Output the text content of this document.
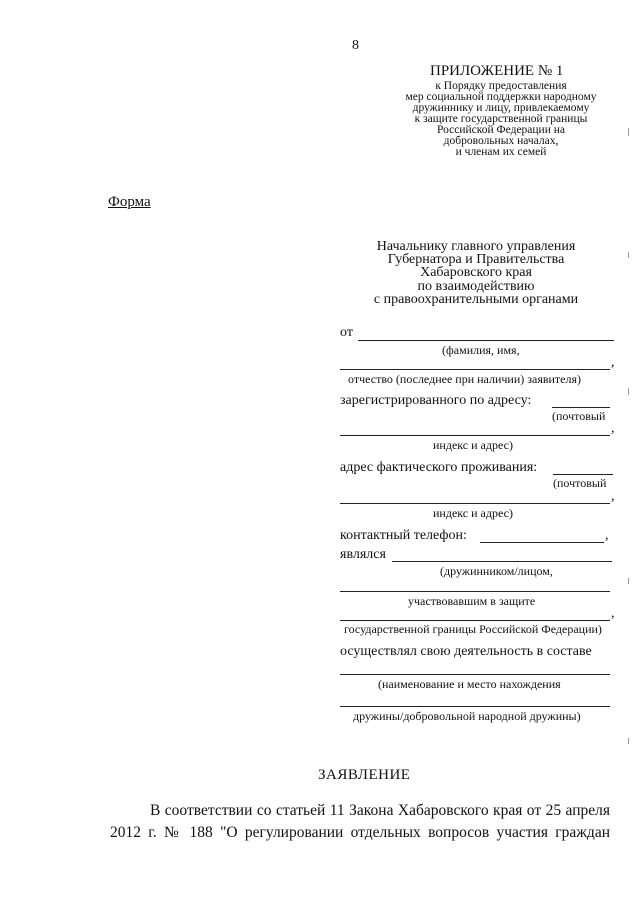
8
ПРИЛОЖЕНИЕ № 1
к Порядку предоставления
мер социальной поддержки народному
дружиннику и лицу, привлекаемому
к защите государственной границы
Российской Федерации на
добровольных началах,
и членам их семей
Форма
Начальнику главного управления
Губернатора и Правительства
Хабаровского края
по взаимодействию
с правоохранительными органами
от
(фамилия, имя,
,
отчество (последнее при наличии) заявителя)
зарегистрированного по адресу:
(почтовый
,
индекс и адрес)
адрес фактического проживания:
(почтовый
,
индекс и адрес)
контактный телефон:	,
являлся
(дружинником/лицом,
участвовавшим в защите
,
государственной границы Российской Федерации)
осуществлял свою деятельность в составе
(наименование и место нахождения
дружины/добровольной народной дружины)
ЗАЯВЛЕНИЕ
В соответствии со статьей 11 Закона Хабаровского края от 25 апреля
2012 г. № 188 "О регулировании отдельных вопросов участия граждан
